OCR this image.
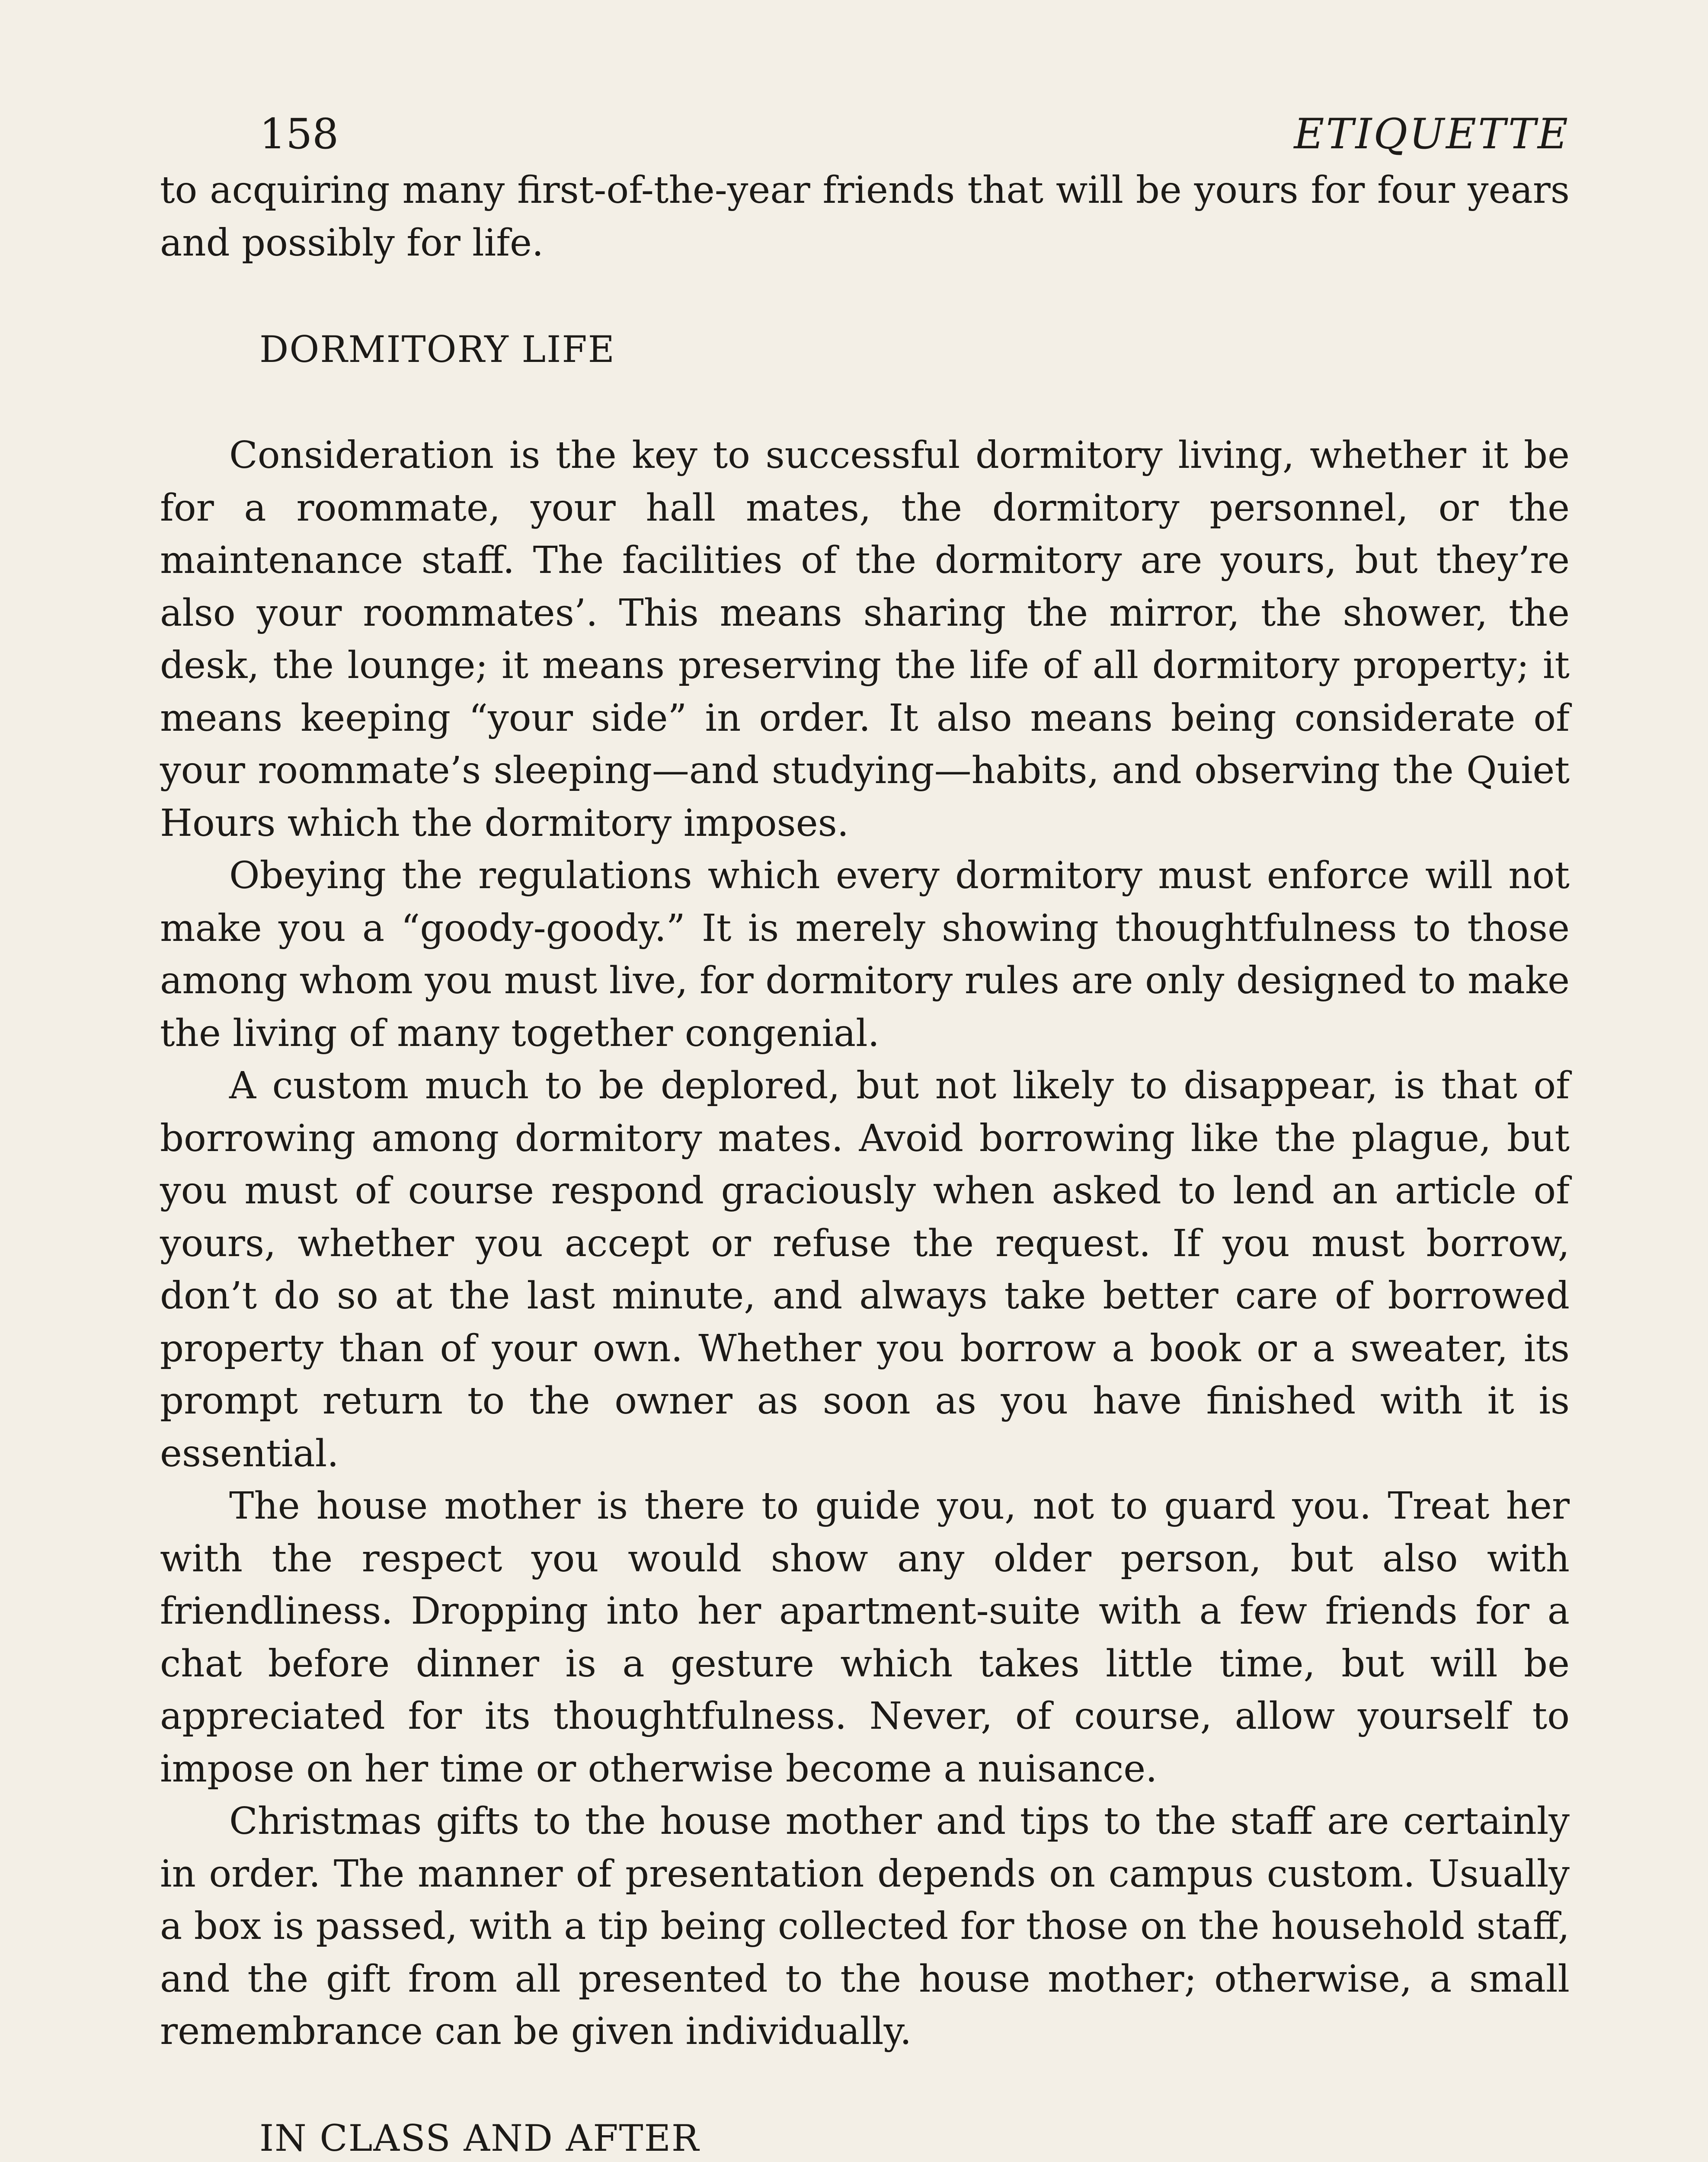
158	ETIQUETTE

to acquiring many first-of-the-year friends that will be yours for four years and possibly for life.

DORMITORY LIFE

Consideration is the key to successful dormitory living, whether it be for a roommate, your hall mates, the dormitory personnel, or the maintenance staff. The facilities of the dormitory are yours, but they’re also your roommates’. This means sharing the mirror, the shower, the desk, the lounge; it means preserving the life of all dormitory property; it means keeping “your side” in order. It also means being considerate of your roommate’s sleeping—and studying—habits, and observing the Quiet Hours which the dormitory imposes.

Obeying the regulations which every dormitory must enforce will not make you a “goody-goody.” It is merely showing thoughtfulness to those among whom you must live, for dormitory rules are only designed to make the living of many together congenial.

A custom much to be deplored, but not likely to disappear, is that of borrowing among dormitory mates. Avoid borrowing like the plague, but you must of course respond graciously when asked to lend an article of yours, whether you accept or refuse the request. If you must borrow, don’t do so at the last minute, and always take better care of borrowed property than of your own. Whether you borrow a book or a sweater, its prompt return to the owner as soon as you have finished with it is essential.

The house mother is there to guide you, not to guard you. Treat her with the respect you would show any older person, but also with friendliness. Dropping into her apartment-suite with a few friends for a chat before dinner is a gesture which takes little time, but will be appreciated for its thoughtfulness. Never, of course, allow yourself to impose on her time or otherwise become a nuisance.

Christmas gifts to the house mother and tips to the staff are certainly in order. The manner of presentation depends on campus custom. Usually a box is passed, with a tip being collected for those on the household staff, and the gift from all presented to the house mother; otherwise, a small remembrance can be given individually.

IN CLASS AND AFTER
